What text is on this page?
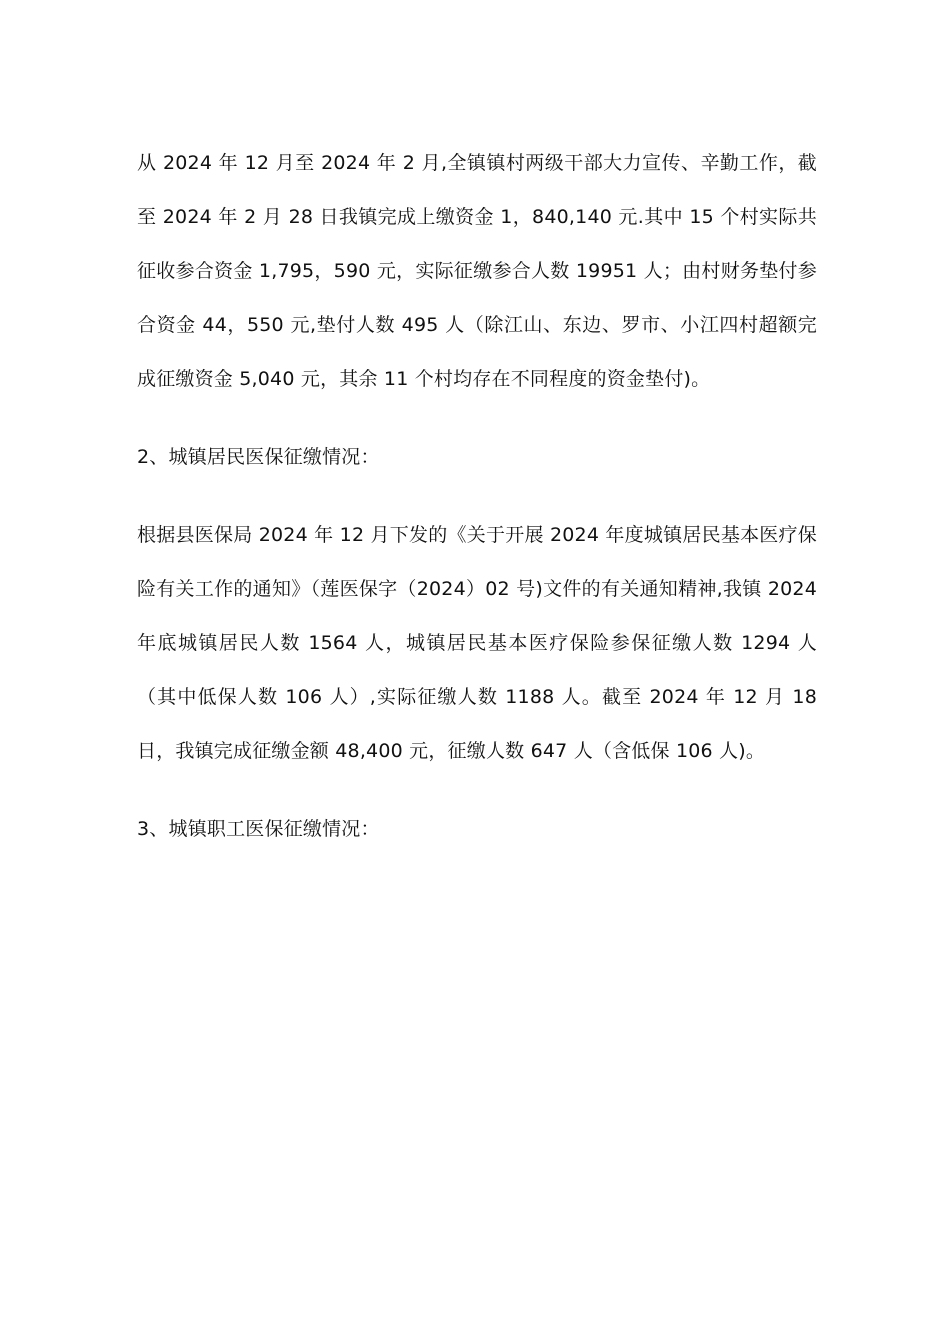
从 2024 年 12 月至 2024 年 2 月,全镇镇村两级干部大力宣传、辛勤工作，截至 2024 年 2 月 28 日我镇完成上缴资金 1，840,140 元.其中 15 个村实际共征收参合资金 1,795，590 元，实际征缴参合人数 19951 人；由村财务垫付参合资金 44，550 元,垫付人数 495 人（除江山、东边、罗市、小江四村超额完成征缴资金 5,040 元，其余 11 个村均存在不同程度的资金垫付)。

2、城镇居民医保征缴情况：

根据县医保局 2024 年 12 月下发的《关于开展 2024 年度城镇居民基本医疗保险有关工作的通知》（莲医保字（2024）02 号)文件的有关通知精神,我镇 2024 年底城镇居民人数 1564 人，城镇居民基本医疗保险参保征缴人数 1294 人（其中低保人数 106 人）,实际征缴人数 1188 人。截至 2024 年 12 月 18 日，我镇完成征缴金额 48,400 元，征缴人数 647 人（含低保 106 人)。

3、城镇职工医保征缴情况：
